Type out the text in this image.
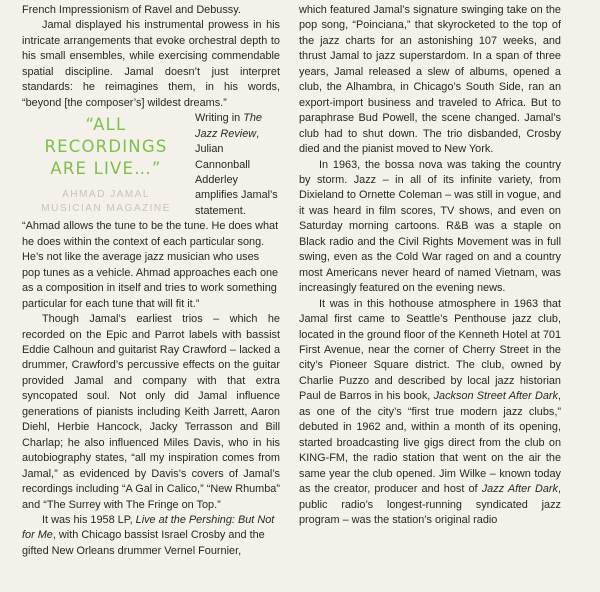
French Impressionism of Ravel and Debussy.

Jamal displayed his instrumental prowess in his intricate arrangements that evoke orchestral depth to his small ensembles, while exercising commendable spatial discipline. Jamal doesn’t just interpret standards: he reimagines them, in his words, “beyond [the composer’s] wildest dreams.”

“ALL RECORDINGS
ARE LIVE…”
AHMAD JAMAL
MUSICIAN MAGAZINE

Writing in The Jazz Review, Julian Cannonball Adderley amplifies Jamal’s statement. “Ahmad allows the tune to be the tune. He does what he does within the context of each particular song. He’s not like the average jazz musician who uses pop tunes as a vehicle. Ahmad approaches each one as a composition in itself and tries to work something particular for each tune that will fit it.”

Though Jamal’s earliest trios – which he recorded on the Epic and Parrot labels with bassist Eddie Calhoun and guitarist Ray Crawford – lacked a drummer, Crawford’s percussive effects on the guitar provided Jamal and company with that extra syncopated soul. Not only did Jamal influence generations of pianists including Keith Jarrett, Aaron Diehl, Herbie Hancock, Jacky Terrasson and Bill Charlap; he also influenced Miles Davis, who in his autobiography states, “all my inspiration comes from Jamal,” as evidenced by Davis’s covers of Jamal’s recordings including “A Gal in Calico,” “New Rhumba” and “The Surrey with The Fringe on Top.”

It was his 1958 LP, Live at the Pershing: But Not for Me, with Chicago bassist Israel Crosby and the gifted New Orleans drummer Vernel Fournier,

which featured Jamal’s signature swinging take on the pop song, “Poinciana,” that skyrocketed to the top of the jazz charts for an astonishing 107 weeks, and thrust Jamal to jazz superstardom. In a span of three years, Jamal released a slew of albums, opened a club, the Alhambra, in Chicago’s South Side, ran an export-import business and traveled to Africa. But to paraphrase Bud Powell, the scene changed. Jamal’s club had to shut down. The trio disbanded, Crosby died and the pianist moved to New York.

In 1963, the bossa nova was taking the country by storm. Jazz – in all of its infinite variety, from Dixieland to Ornette Coleman – was still in vogue, and it was heard in film scores, TV shows, and even on Saturday morning cartoons. R&B was a staple on Black radio and the Civil Rights Movement was in full swing, even as the Cold War raged on and a country most Americans never heard of named Vietnam, was increasingly featured on the evening news.

It was in this hothouse atmosphere in 1963 that Jamal first came to Seattle’s Penthouse jazz club, located in the ground floor of the Kenneth Hotel at 701 First Avenue, near the corner of Cherry Street in the city’s Pioneer Square district. The club, owned by Charlie Puzzo and described by local jazz historian Paul de Barros in his book, Jackson Street After Dark, as one of the city’s “first true modern jazz clubs,” debuted in 1962 and, within a month of its opening, started broadcasting live gigs direct from the club on KING-FM, the radio station that went on the air the same year the club opened. Jim Wilke – known today as the creator, producer and host of Jazz After Dark, public radio’s longest-running syndicated jazz program – was the station’s original radio
